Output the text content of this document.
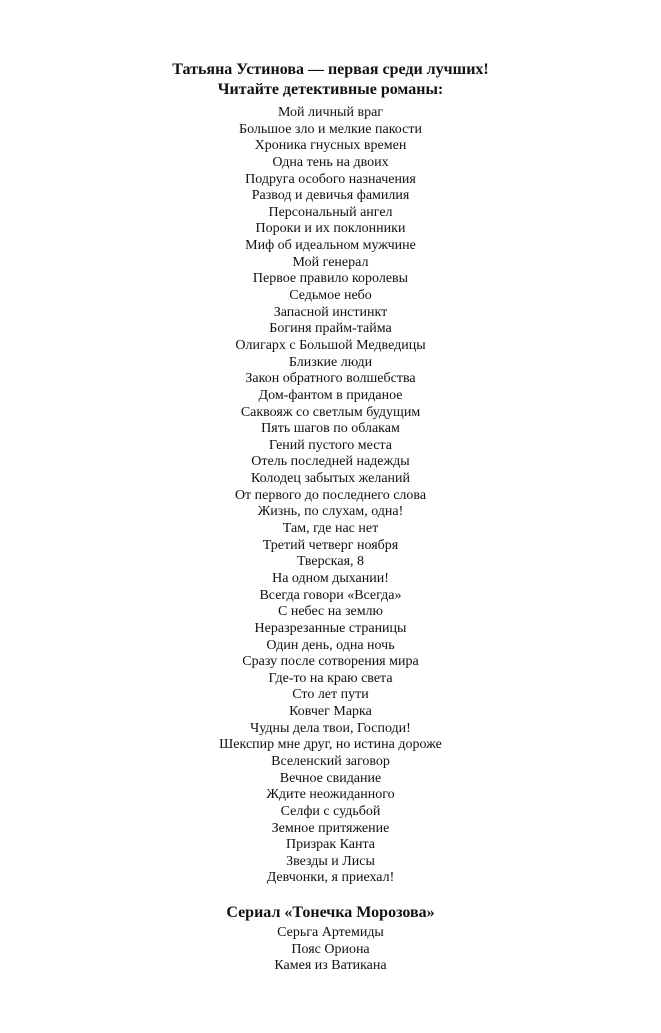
Татьяна Устинова — первая среди лучших!

Читайте детективные романы:

Мой личный враг
Большое зло и мелкие пакости
Хроника гнусных времен
Одна тень на двоих
Подруга особого назначения
Развод и девичья фамилия
Персональный ангел
Пороки и их поклонники
Миф об идеальном мужчине
Мой генерал
Первое правило королевы
Седьмое небо
Запасной инстинкт
Богиня прайм-тайма
Олигарх с Большой Медведицы
Близкие люди
Закон обратного волшебства
Дом-фантом в приданое
Саквояж со светлым будущим
Пять шагов по облакам
Гений пустого места
Отель последней надежды
Колодец забытых желаний
От первого до последнего слова
Жизнь, по слухам, одна!
Там, где нас нет
Третий четверг ноября
Тверская, 8
На одном дыхании!
Всегда говори «Всегда»
С небес на землю
Неразрезанные страницы
Один день, одна ночь
Сразу после сотворения мира
Где-то на краю света
Сто лет пути
Ковчег Марка
Чудны дела твои, Господи!
Шекспир мне друг, но истина дороже
Вселенский заговор
Вечное свидание
Ждите неожиданного
Селфи с судьбой
Земное притяжение
Призрак Канта
Звезды и Лисы
Девчонки, я приехал!

Сериал «Тонечка Морозова»

Серьга Артемиды
Пояс Ориона
Камея из Ватикана
